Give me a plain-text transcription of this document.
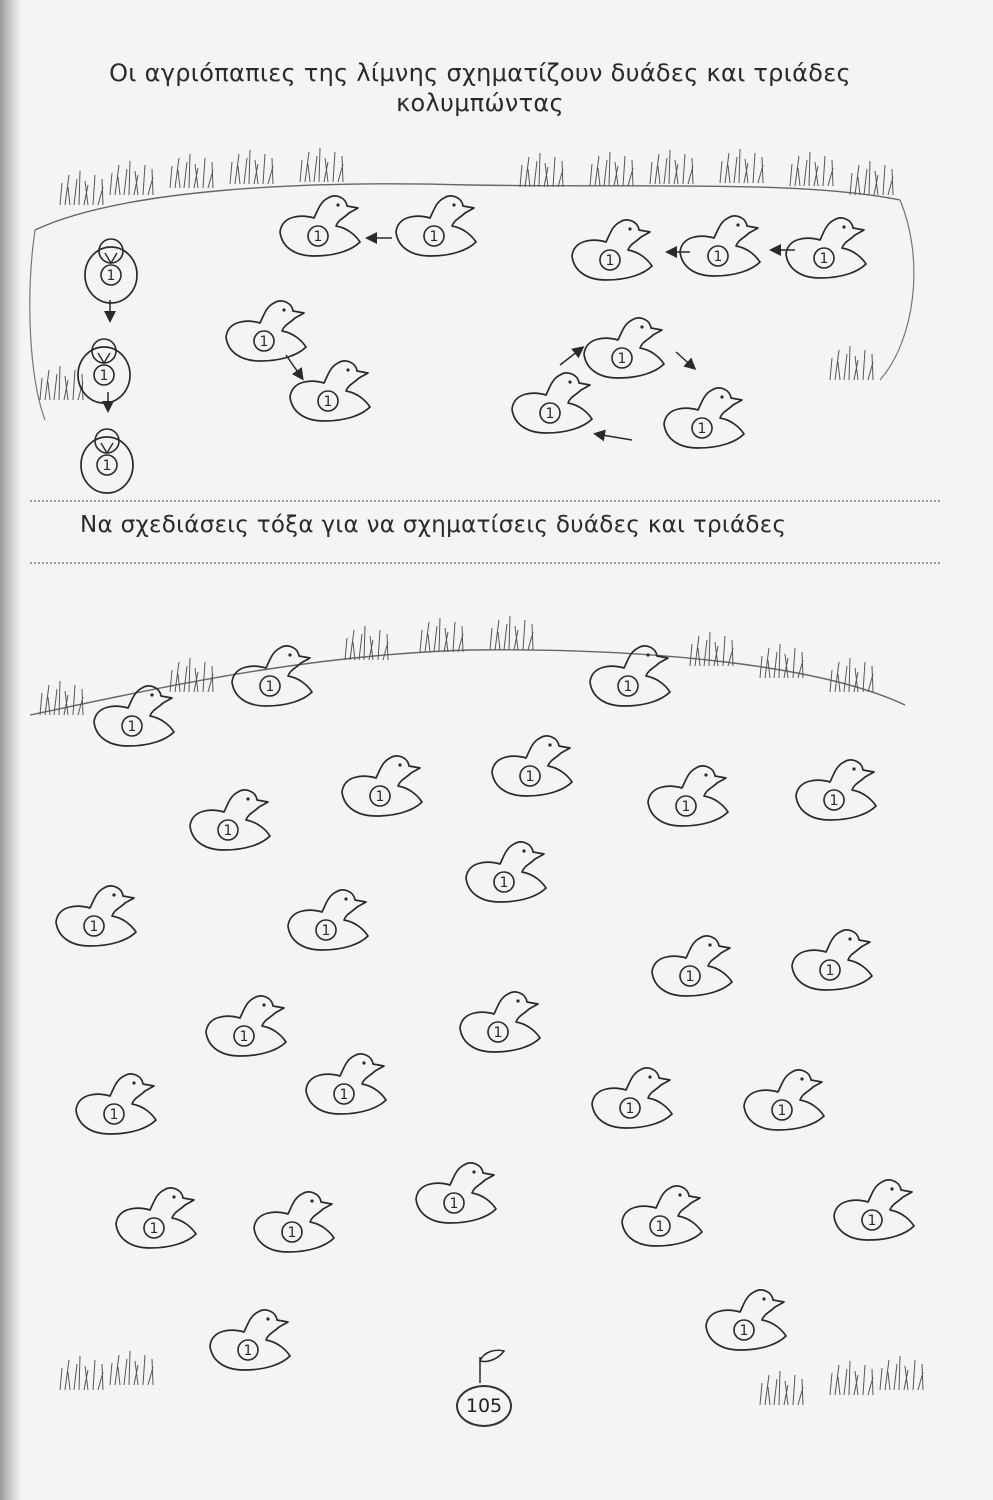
Οι αγριόπαπιες της λίμνης σχηματίζουν δυάδες και τριάδες
κολυμπώντας
Να σχεδιάσεις τόξα για να σχηματίσεις δυάδες και τριάδες
1
1
1
1	1
1	1	1
1
1
1
1
1
1
1	1
1
1
1	1
1
1	1
1
1	1
1	1
1
1
1	1
1	1
1
1	1
1
1
105
